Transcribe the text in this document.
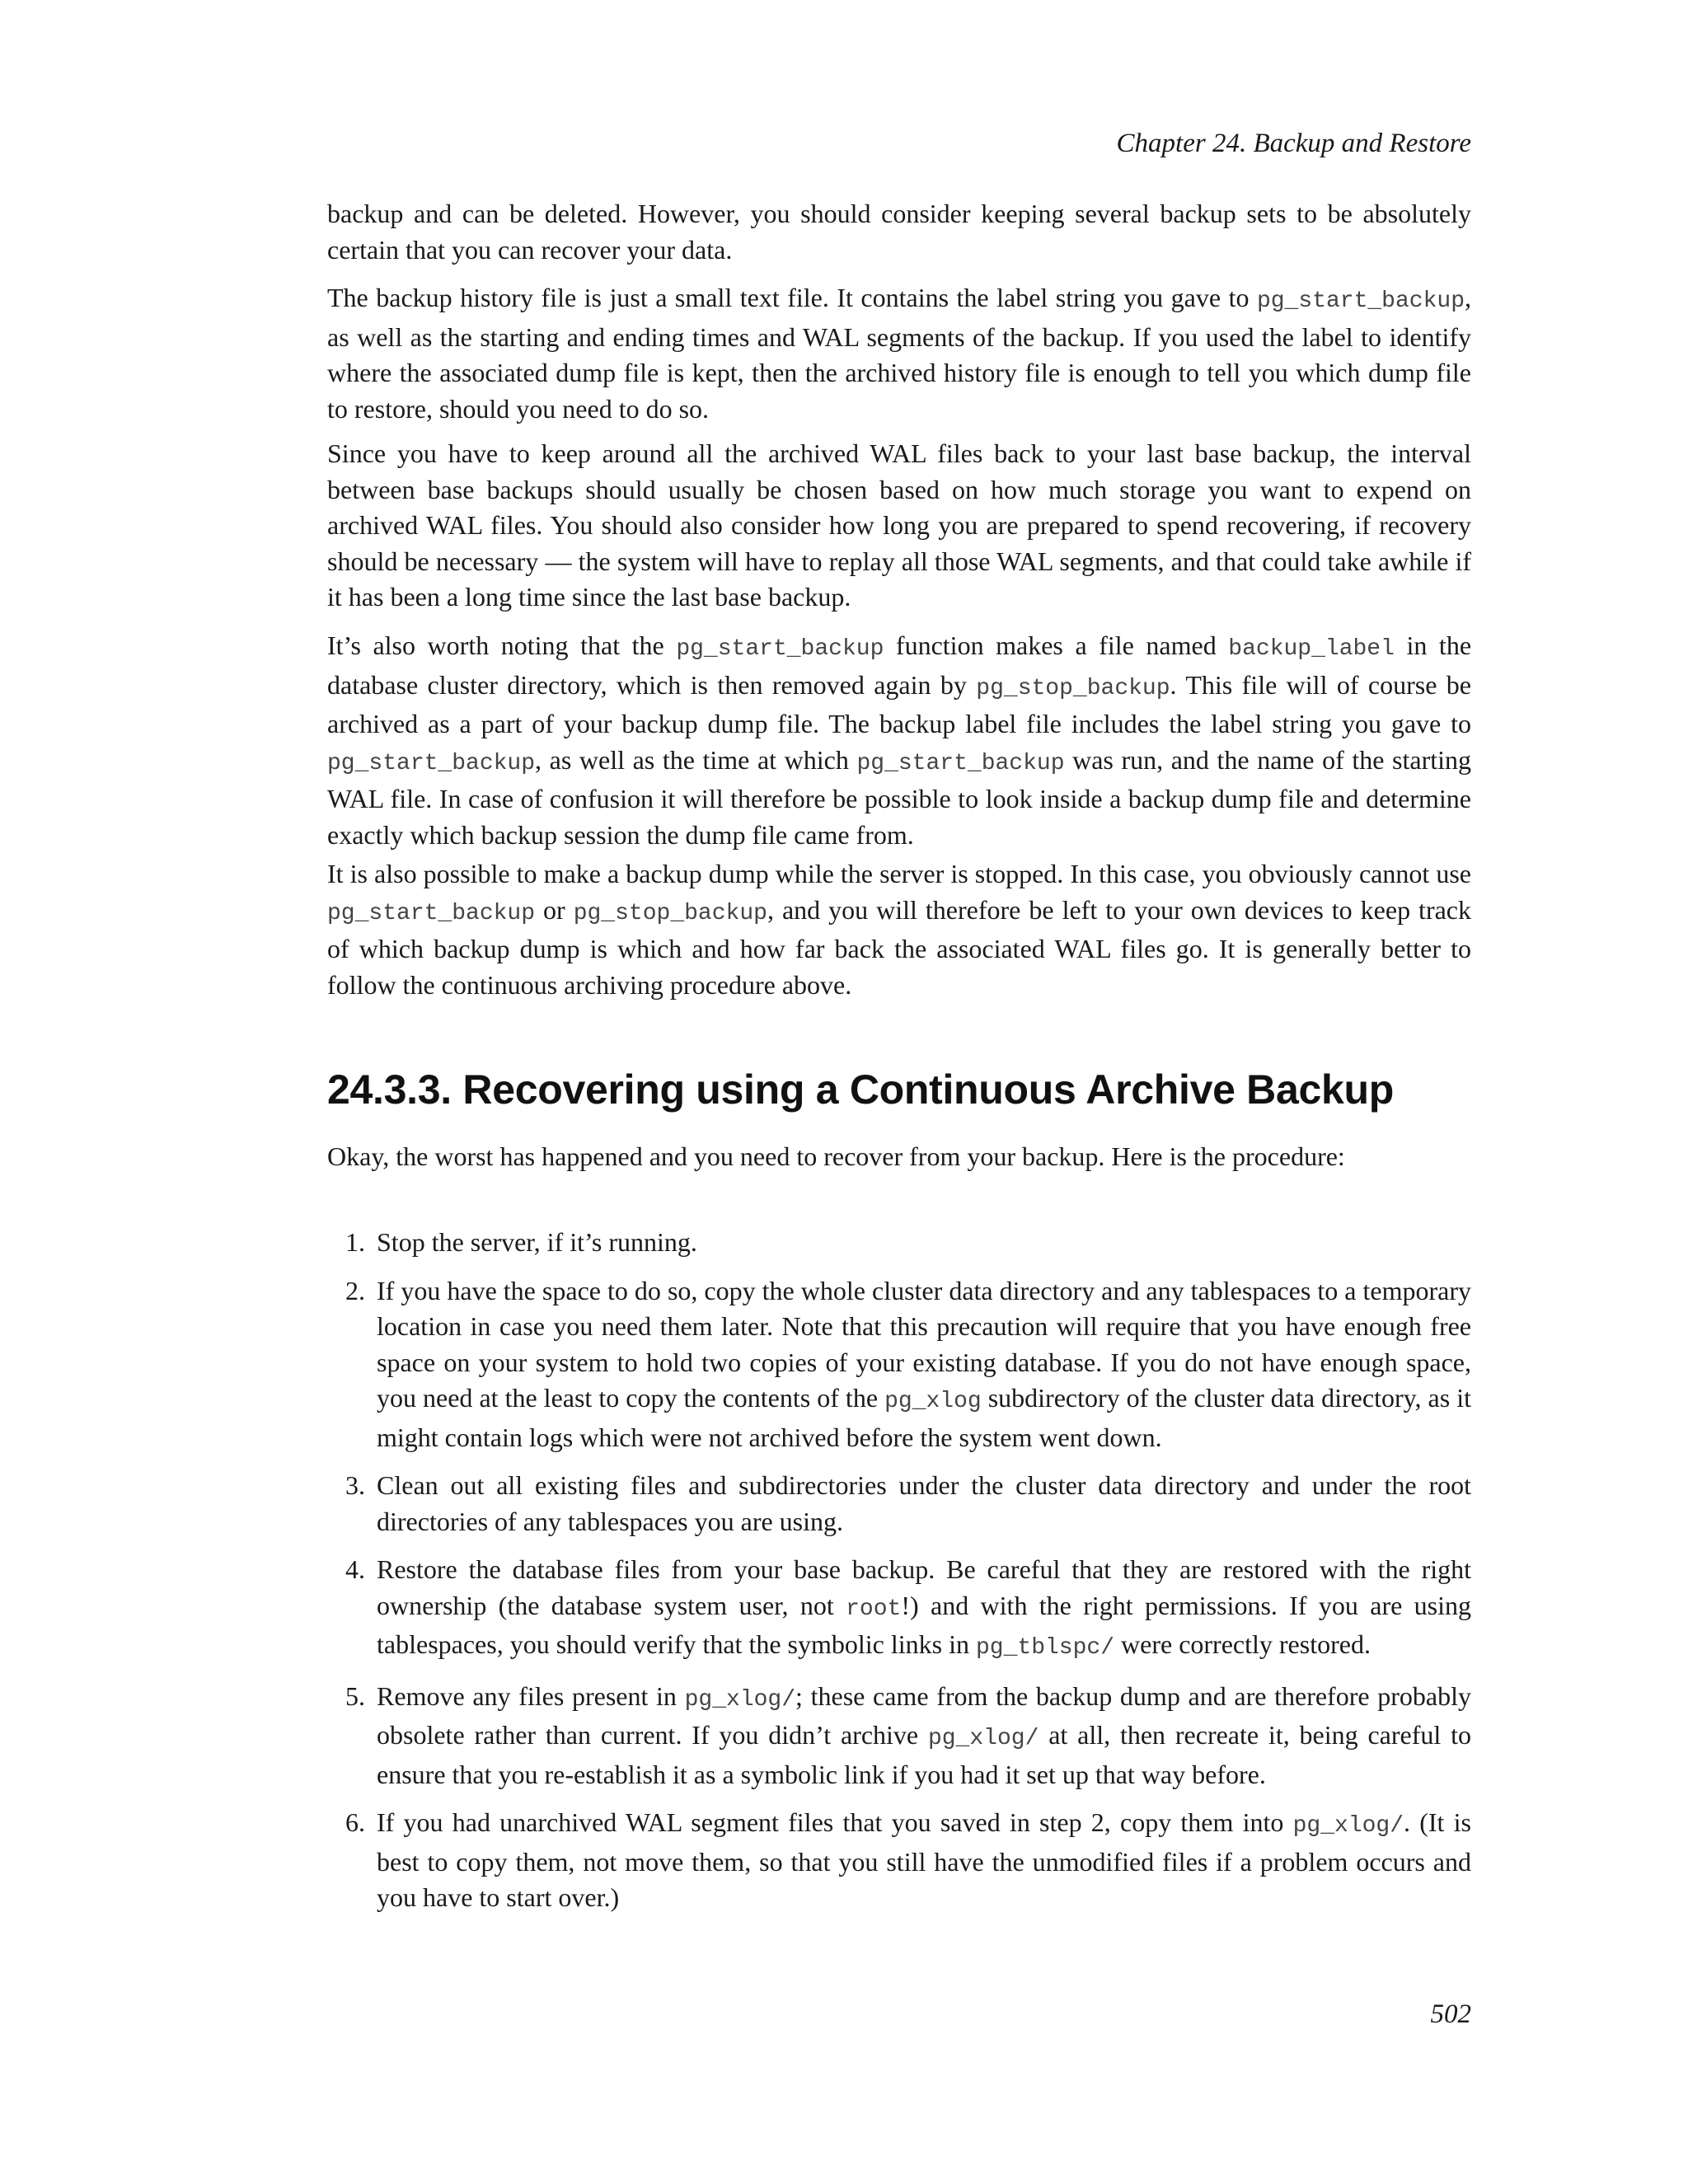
Chapter 24. Backup and Restore

backup and can be deleted. However, you should consider keeping several backup sets to be absolutely certain that you can recover your data.

The backup history file is just a small text file. It contains the label string you gave to pg_start_backup, as well as the starting and ending times and WAL segments of the backup. If you used the label to identify where the associated dump file is kept, then the archived history file is enough to tell you which dump file to restore, should you need to do so.

Since you have to keep around all the archived WAL files back to your last base backup, the interval between base backups should usually be chosen based on how much storage you want to expend on archived WAL files. You should also consider how long you are prepared to spend recovering, if recovery should be necessary — the system will have to replay all those WAL segments, and that could take awhile if it has been a long time since the last base backup.

It’s also worth noting that the pg_start_backup function makes a file named backup_label in the database cluster directory, which is then removed again by pg_stop_backup. This file will of course be archived as a part of your backup dump file. The backup label file includes the label string you gave to pg_start_backup, as well as the time at which pg_start_backup was run, and the name of the starting WAL file. In case of confusion it will therefore be possible to look inside a backup dump file and determine exactly which backup session the dump file came from.

It is also possible to make a backup dump while the server is stopped. In this case, you obviously cannot use pg_start_backup or pg_stop_backup, and you will therefore be left to your own devices to keep track of which backup dump is which and how far back the associated WAL files go. It is generally better to follow the continuous archiving procedure above.

24.3.3. Recovering using a Continuous Archive Backup

Okay, the worst has happened and you need to recover from your backup. Here is the procedure:

1. Stop the server, if it’s running.

2. If you have the space to do so, copy the whole cluster data directory and any tablespaces to a temporary location in case you need them later. Note that this precaution will require that you have enough free space on your system to hold two copies of your existing database. If you do not have enough space, you need at the least to copy the contents of the pg_xlog subdirectory of the cluster data directory, as it might contain logs which were not archived before the system went down.

3. Clean out all existing files and subdirectories under the cluster data directory and under the root directories of any tablespaces you are using.

4. Restore the database files from your base backup. Be careful that they are restored with the right ownership (the database system user, not root!) and with the right permissions. If you are using tablespaces, you should verify that the symbolic links in pg_tblspc/ were correctly restored.

5. Remove any files present in pg_xlog/; these came from the backup dump and are therefore probably obsolete rather than current. If you didn’t archive pg_xlog/ at all, then recreate it, being careful to ensure that you re-establish it as a symbolic link if you had it set up that way before.

6. If you had unarchived WAL segment files that you saved in step 2, copy them into pg_xlog/. (It is best to copy them, not move them, so that you still have the unmodified files if a problem occurs and you have to start over.)

502
